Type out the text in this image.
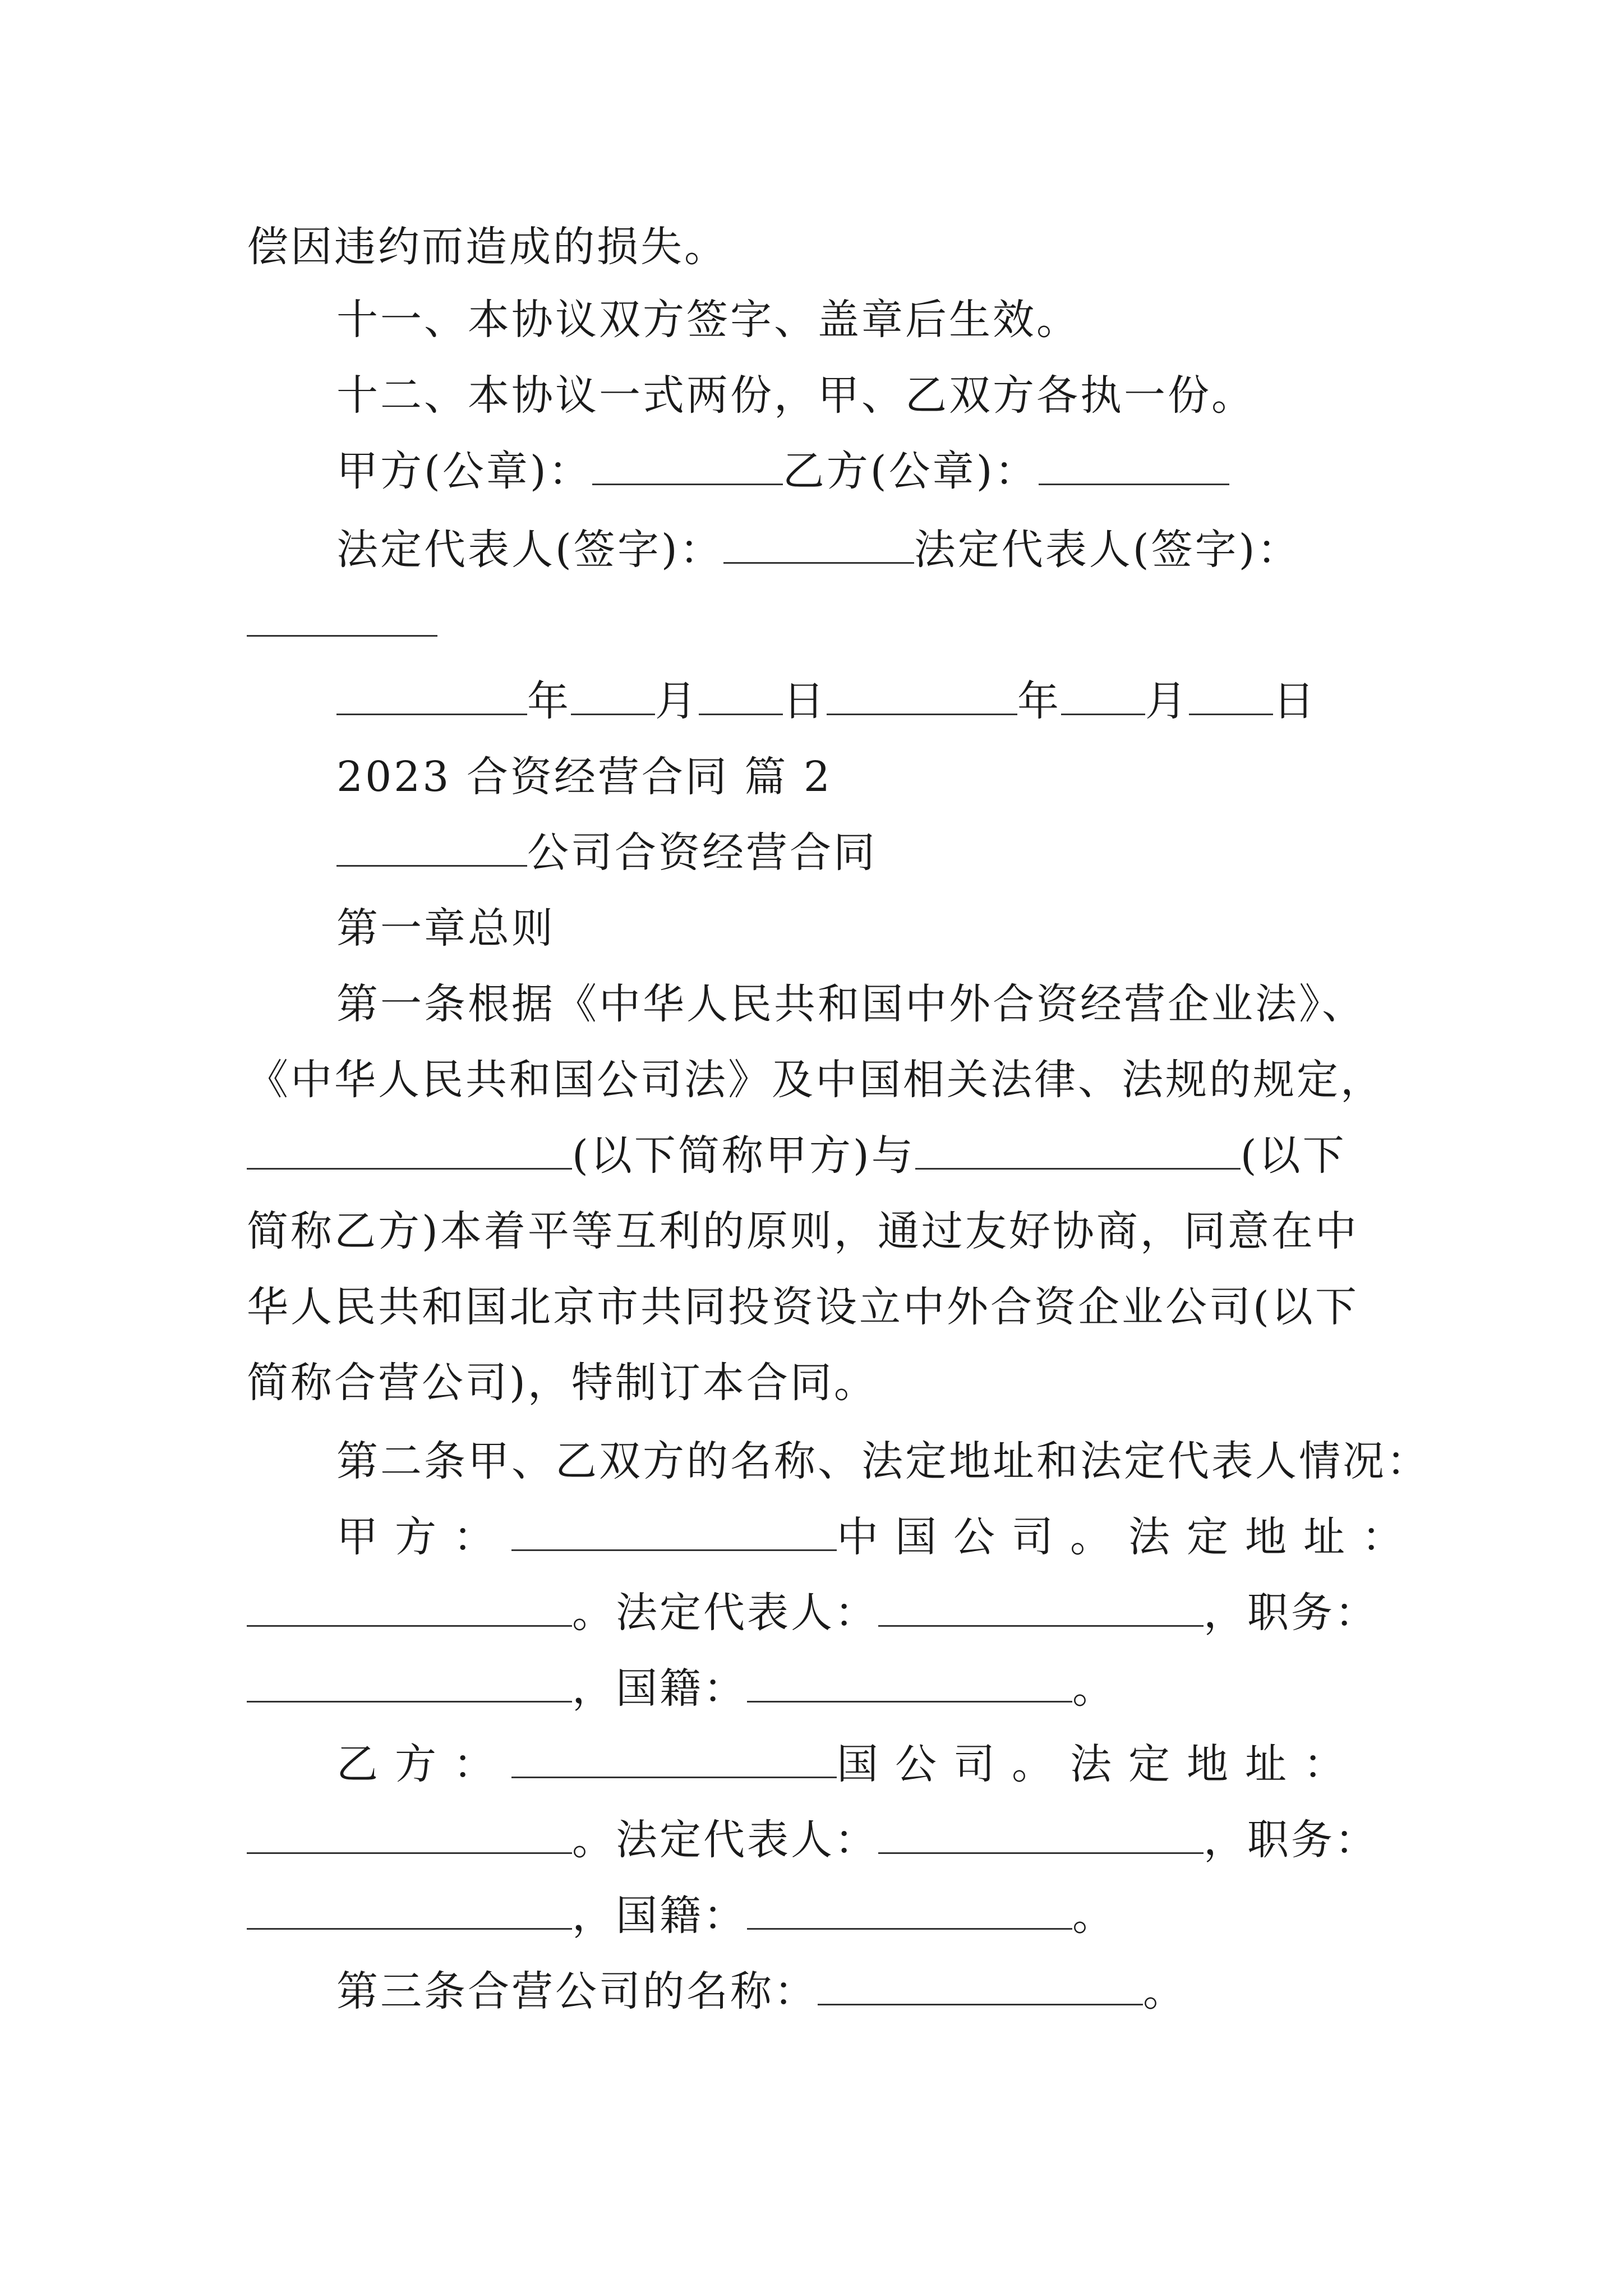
偿因违约而造成的损失。
十一、本协议双方签字、盖章后生效。
十二、本协议一式两份，甲、乙双方各执一份。
甲方(公章)：	乙方(公章)：
法定代表人(签字)：	法定代表人(签字)：
年 月 日	年 月 日
2023 合资经营合同 篇 2
公司合资经营合同
第一章总则
第一条根据《中华人民共和国中外合资经营企业法》、
《中华人民共和国公司法》及中国相关法律、法规的规定，
(以下简称甲方)与	(以下
简称乙方)本着平等互利的原则，通过友好协商，同意在中
华人民共和国北京市共同投资设立中外合资企业公司(以下
简称合营公司)，特制订本合同。
第二条甲、乙双方的名称、法定地址和法定代表人情况：
甲方：	中国公司。法定地址：
。法定代表人：	，职务：
，国籍：	。
乙方：	国公司。法定地址：
。法定代表人：	，职务：
，国籍：	。
第三条合营公司的名称：	。
